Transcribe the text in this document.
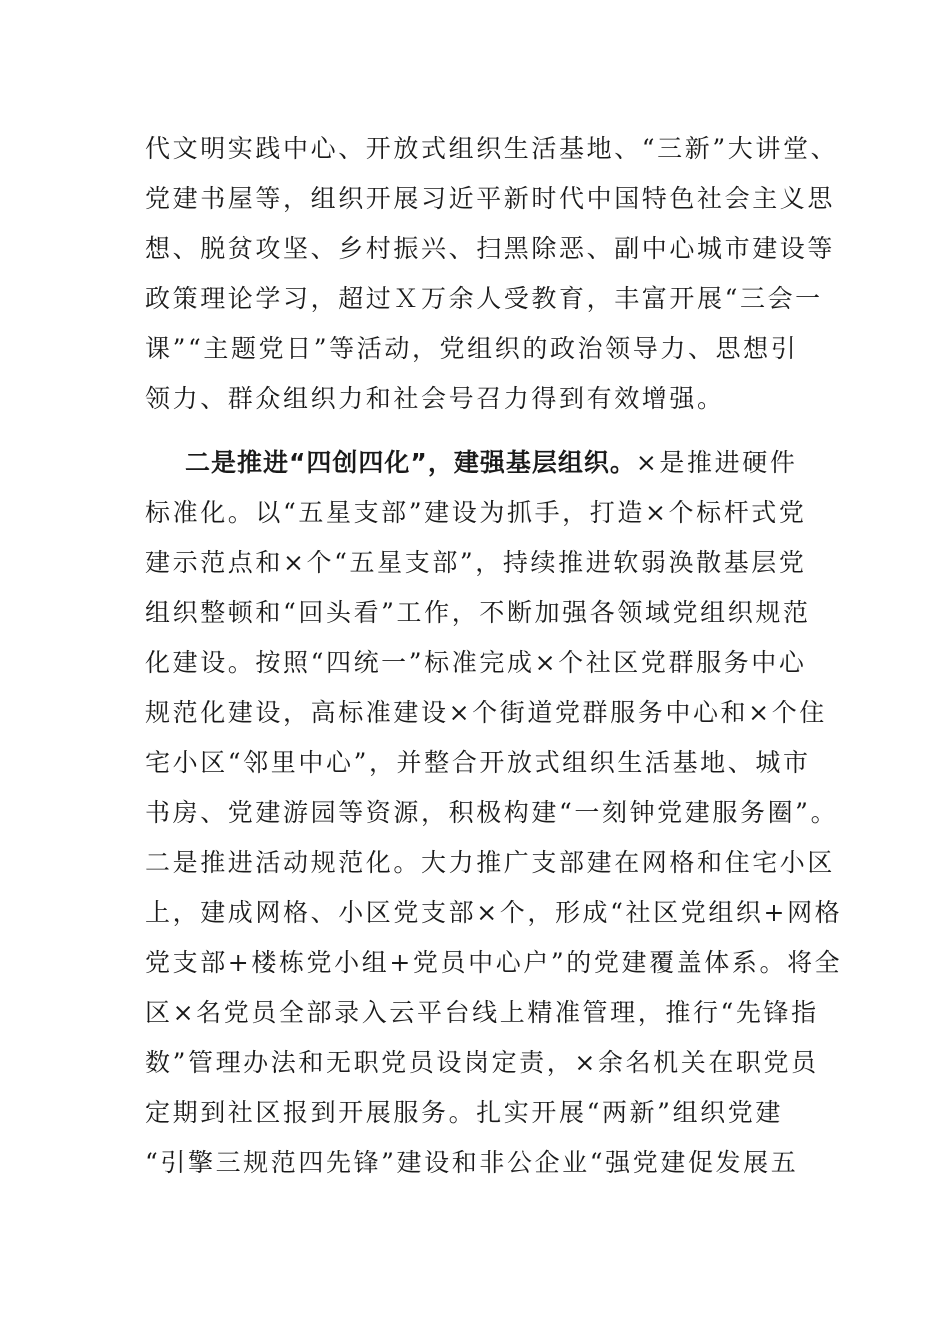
代文明实践中心、开放式组织生活基地、“三新”大讲堂、
党建书屋等，组织开展习近平新时代中国特色社会主义思
想、脱贫攻坚、乡村振兴、扫黑除恶、副中心城市建设等
政策理论学习，超过Ｘ万余人受教育，丰富开展“三会一
课”“主题党日”等活动，党组织的政治领导力、思想引
领力、群众组织力和社会号召力得到有效增强。
二是推进“四创四化”，建强基层组织。×是推进硬件
标准化。以“五星支部”建设为抓手，打造×个标杆式党
建示范点和×个“五星支部”，持续推进软弱涣散基层党
组织整顿和“回头看”工作，不断加强各领域党组织规范
化建设。按照“四统一”标准完成×个社区党群服务中心
规范化建设，高标准建设×个街道党群服务中心和×个住
宅小区“邻里中心”，并整合开放式组织生活基地、城市
书房、党建游园等资源，积极构建“一刻钟党建服务圈”。
二是推进活动规范化。大力推广支部建在网格和住宅小区
上，建成网格、小区党支部×个，形成“社区党组织+网格
党支部+楼栋党小组+党员中心户”的党建覆盖体系。将全
区×名党员全部录入云平台线上精准管理，推行“先锋指
数”管理办法和无职党员设岗定责，×余名机关在职党员
定期到社区报到开展服务。扎实开展“两新”组织党建
“引擎三规范四先锋”建设和非公企业“强党建促发展五
